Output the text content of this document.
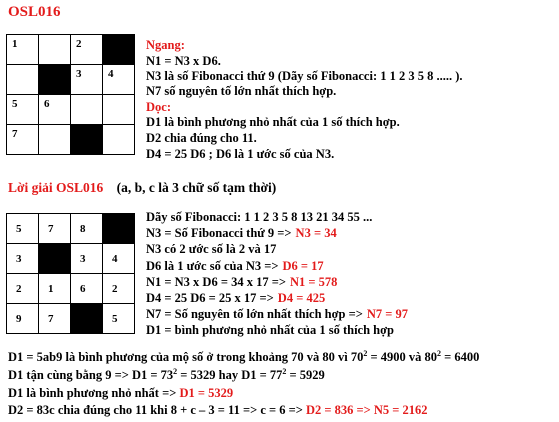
OSL016
1		2	
		3	4
5	6		
7			
Ngang:
N1 = N3 x D6.
N3 là số Fibonacci thứ 9 (Dãy số Fibonacci: 1 1 2 3 5 8 ..... ).
N7 số nguyên tố lớn nhất thích hợp.
Dọc:
D1 là bình phương nhỏ nhất của 1 số thích hợp.
D2 chia đúng cho 11.
D4 = 25 D6 ; D6 là 1 ước số của N3.
Lời giải OSL016 (a, b, c là 3 chữ số tạm thời)
5	7	8	
3		3	4
2	1	6	2
9	7		5
Dãy số Fibonacci: 1 1 2 3 5 8 13 21 34 55 ...
N3 = Số Fibonacci thứ 9 => N3 = 34
N3 có 2 ước số là 2 và 17
D6 là 1 ước số của N3 => D6 = 17
N1 = N3 x D6 = 34 x 17 => N1 = 578
D4 = 25 D6 = 25 x 17 => D4 = 425
N7 = Số nguyên tố lớn nhất thích hợp => N7 = 97
D1 = bình phương nhỏ nhất của 1 số thích hợp
D1 = 5ab9 là bình phương của mộ số ở trong khoảng 70 và 80 vì $70^2 = 4900$ và $80^2 = 6400$
D1 tận cùng bằng $9 => D1 = 73^2 = 5329$ hay $D1 = 77^2 = 5929$
D1 là bình phương nhỏ nhất => D1 = 5329
D2 = 83c chia đúng cho 11 khi 8 + c – 3 = 11 => c = 6 => D2 = 836 => N5 = 2162
